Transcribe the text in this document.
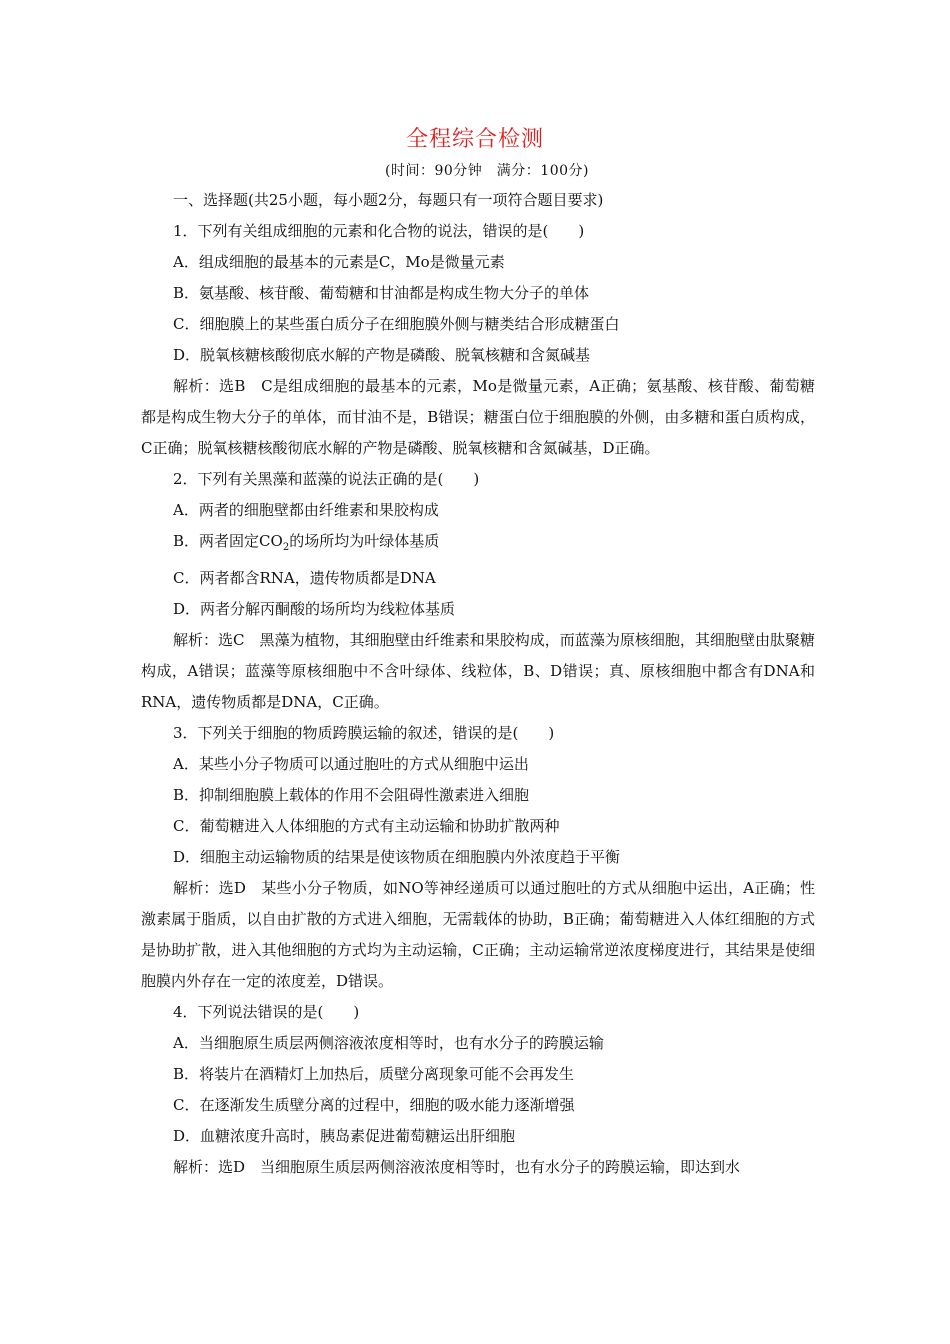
全程综合检测
(时间：90分钟　满分：100分)

一、选择题(共25小题，每小题2分，每题只有一项符合题目要求)

1．下列有关组成细胞的元素和化合物的说法，错误的是(　　)

A．组成细胞的最基本的元素是C，Mo是微量元素

B．氨基酸、核苷酸、葡萄糖和甘油都是构成生物大分子的单体

C．细胞膜上的某些蛋白质分子在细胞膜外侧与糖类结合形成糖蛋白

D．脱氧核糖核酸彻底水解的产物是磷酸、脱氧核糖和含氮碱基

解析：选B　C是组成细胞的最基本的元素，Mo是微量元素，A正确；氨基酸、核苷酸、葡萄糖都是构成生物大分子的单体，而甘油不是，B错误；糖蛋白位于细胞膜的外侧，由多糖和蛋白质构成，C正确；脱氧核糖核酸彻底水解的产物是磷酸、脱氧核糖和含氮碱基，D正确。

2．下列有关黑藻和蓝藻的说法正确的是(　　)

A．两者的细胞壁都由纤维素和果胶构成

B．两者固定$CO_2$的场所均为叶绿体基质

C．两者都含RNA，遗传物质都是DNA

D．两者分解丙酮酸的场所均为线粒体基质

解析：选C　黑藻为植物，其细胞壁由纤维素和果胶构成，而蓝藻为原核细胞，其细胞壁由肽聚糖构成，A错误；蓝藻等原核细胞中不含叶绿体、线粒体，B、D错误；真、原核细胞中都含有DNA和RNA，遗传物质都是DNA，C正确。

3．下列关于细胞的物质跨膜运输的叙述，错误的是(　　)

A．某些小分子物质可以通过胞吐的方式从细胞中运出

B．抑制细胞膜上载体的作用不会阻碍性激素进入细胞

C．葡萄糖进入人体细胞的方式有主动运输和协助扩散两种

D．细胞主动运输物质的结果是使该物质在细胞膜内外浓度趋于平衡

解析：选D　某些小分子物质，如NO等神经递质可以通过胞吐的方式从细胞中运出，A正确；性激素属于脂质，以自由扩散的方式进入细胞，无需载体的协助，B正确；葡萄糖进入人体红细胞的方式是协助扩散，进入其他细胞的方式均为主动运输，C正确；主动运输常逆浓度梯度进行，其结果是使细胞膜内外存在一定的浓度差，D错误。

4．下列说法错误的是(　　)

A．当细胞原生质层两侧溶液浓度相等时，也有水分子的跨膜运输

B．将装片在酒精灯上加热后，质壁分离现象可能不会再发生

C．在逐渐发生质壁分离的过程中，细胞的吸水能力逐渐增强

D．血糖浓度升高时，胰岛素促进葡萄糖运出肝细胞

解析：选D　当细胞原生质层两侧溶液浓度相等时，也有水分子的跨膜运输，即达到水
